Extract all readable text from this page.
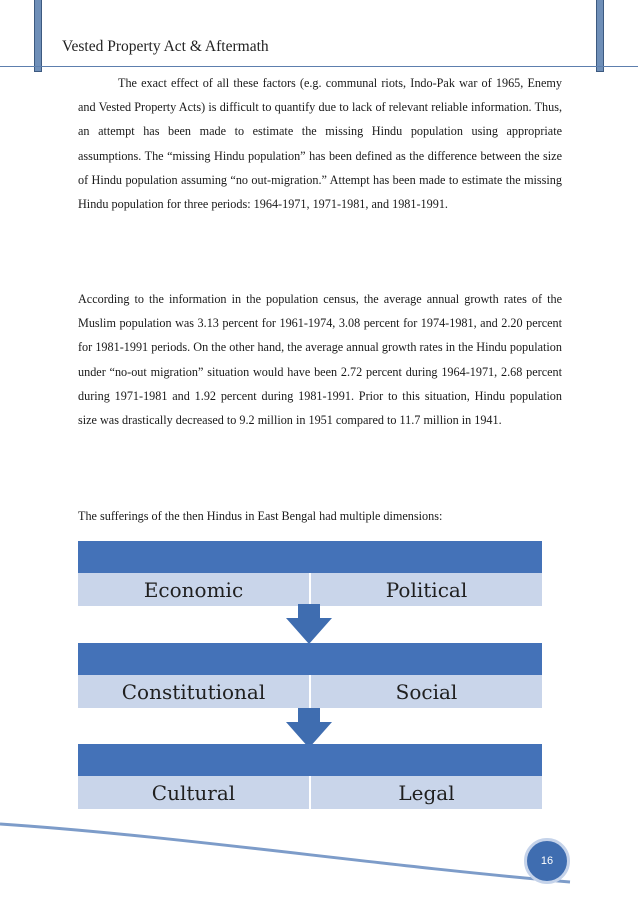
Vested Property Act & Aftermath

The exact effect of all these factors (e.g. communal riots, Indo-Pak war of 1965, Enemy and Vested Property Acts) is difficult to quantify due to lack of relevant reliable information. Thus, an attempt has been made to estimate the missing Hindu population using appropriate assumptions. The “missing Hindu population” has been defined as the difference between the size of Hindu population assuming “no out-migration.” Attempt has been made to estimate the missing Hindu population for three periods: 1964-1971, 1971-1981, and 1981-1991.

According to the information in the population census, the average annual growth rates of the Muslim population was 3.13 percent for 1961-1974, 3.08 percent for 1974-1981, and 2.20 percent for 1981-1991 periods. On the other hand, the average annual growth rates in the Hindu population under “no-out migration” situation would have been 2.72 percent during 1964-1971, 2.68 percent during 1971-1981 and 1.92 percent during 1981-1991. Prior to this situation, Hindu population size was drastically decreased to 9.2 million in 1951 compared to 11.7 million in 1941.

The sufferings of the then Hindus in East Bengal had multiple dimensions:

Economic	Political
Constitutional	Social
Cultural	Legal
16
